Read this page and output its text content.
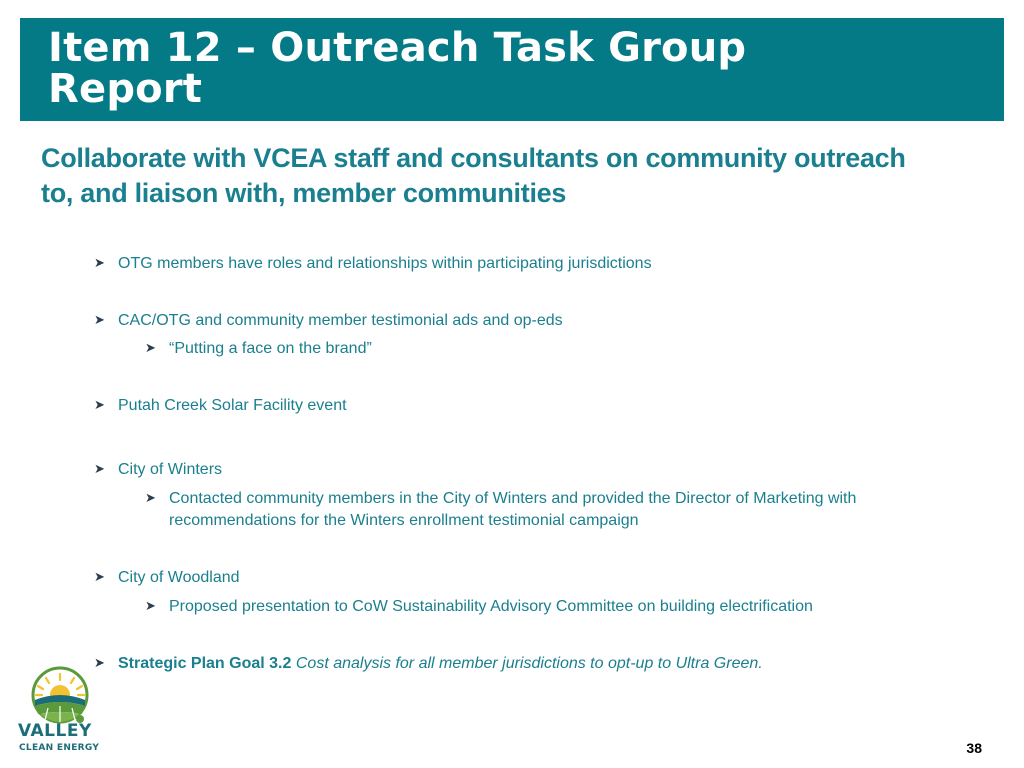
Item 12 – Outreach Task Group Report
Collaborate with VCEA staff and consultants on community outreach to, and liaison with, member communities
➤ OTG members have roles and relationships within participating jurisdictions
➤ CAC/OTG and community member testimonial ads and op-eds
➤ “Putting a face on the brand”
➤ Putah Creek Solar Facility event
➤ City of Winters
➤ Contacted community members in the City of Winters and provided the Director of Marketing with recommendations for the Winters enrollment testimonial campaign
➤ City of Woodland
➤ Proposed presentation to CoW Sustainability Advisory Committee on building electrification
➤ Strategic Plan Goal 3.2 Cost analysis for all member jurisdictions to opt-up to Ultra Green.
VALLEY
CLEAN ENERGY	38
